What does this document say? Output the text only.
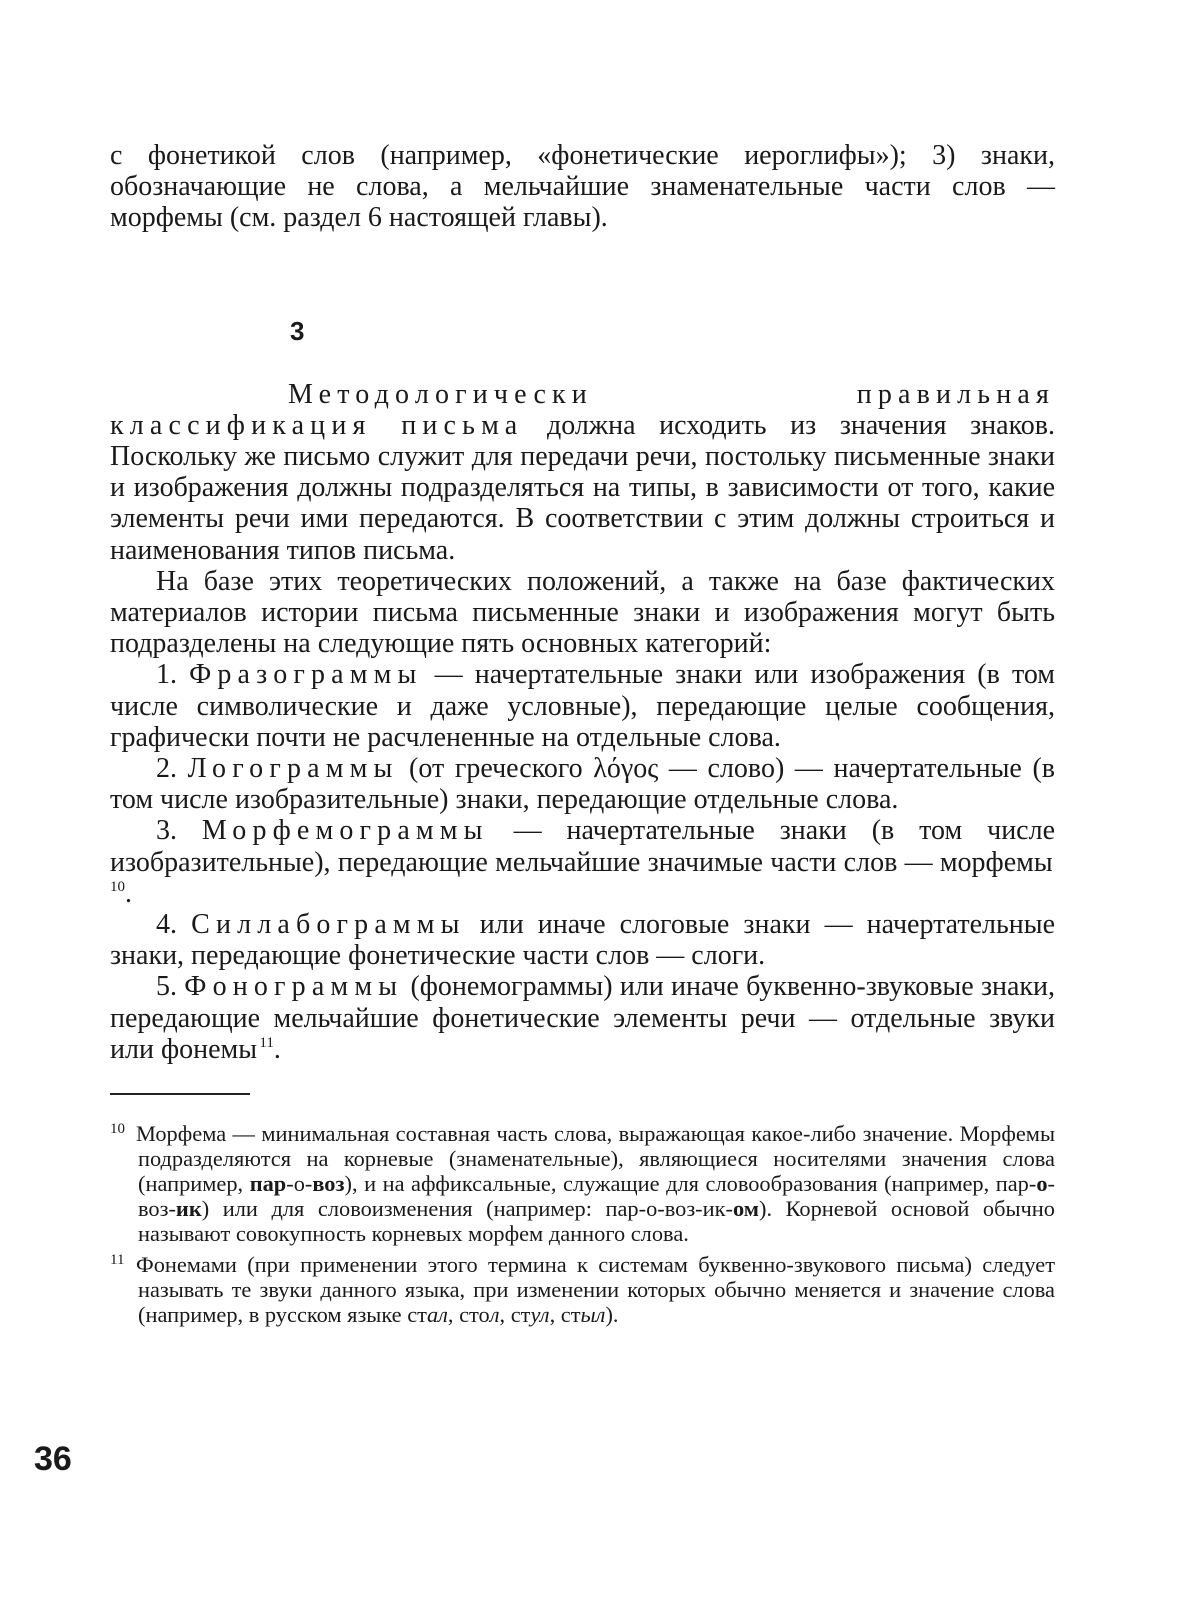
с фонетикой слов (например, «фонетические иероглифы»); 3) знаки, обозначающие не слова, а мельчайшие знаменательные части слов — морфемы (см. раздел 6 настоящей главы).

3

Методологически правильная классификация письма должна исходить из значения знаков. Поскольку же письмо служит для передачи речи, постольку письменные знаки и изображения должны подразделяться на типы, в зависимости от того, какие элементы речи ими передаются. В соответствии с этим должны строиться и наименования типов письма.

На базе этих теоретических положений, а также на базе фактических материалов истории письма письменные знаки и изображения могут быть подразделены на следующие пять основных категорий:

1. Фразограммы — начертательные знаки или изображения (в том числе символические и даже условные), передающие целые сообщения, графически почти не расчлененные на отдельные слова.

2. Логограммы (от греческого λόγος — слово) — начертательные (в том числе изобразительные) знаки, передающие отдельные слова.

3. Морфемограммы — начертательные знаки (в том числе изобразительные), передающие мельчайшие значимые части слов — морфемы $^{10}$.

4. Силлабограммы или иначе слоговые знаки — начертательные знаки, передающие фонетические части слов — слоги.

5. Фонограммы (фонемограммы) или иначе буквенно-звуковые знаки, передающие мельчайшие фонетические элементы речи — отдельные звуки или фонемы  $^{11}$.

10 Морфема — минимальная составная часть слова, выражающая какое-либо значение. Морфемы подразделяются на корневые (знаменательные), являющиеся носителями значения слова (например, пар-о-воз), и на аффиксальные, служащие для словообразования (например, пар-о-воз-ик) или для словоизменения (например: пар-о-воз-ик-ом). Корневой основой обычно называют совокупность корневых морфем данного слова.

11 Фонемами (при применении этого термина к системам буквенно-звукового письма) следует называть те звуки данного языка, при изменении которых обычно меняется и значение слова (например, в русском языке стал, стол, стул, стыл).

36
